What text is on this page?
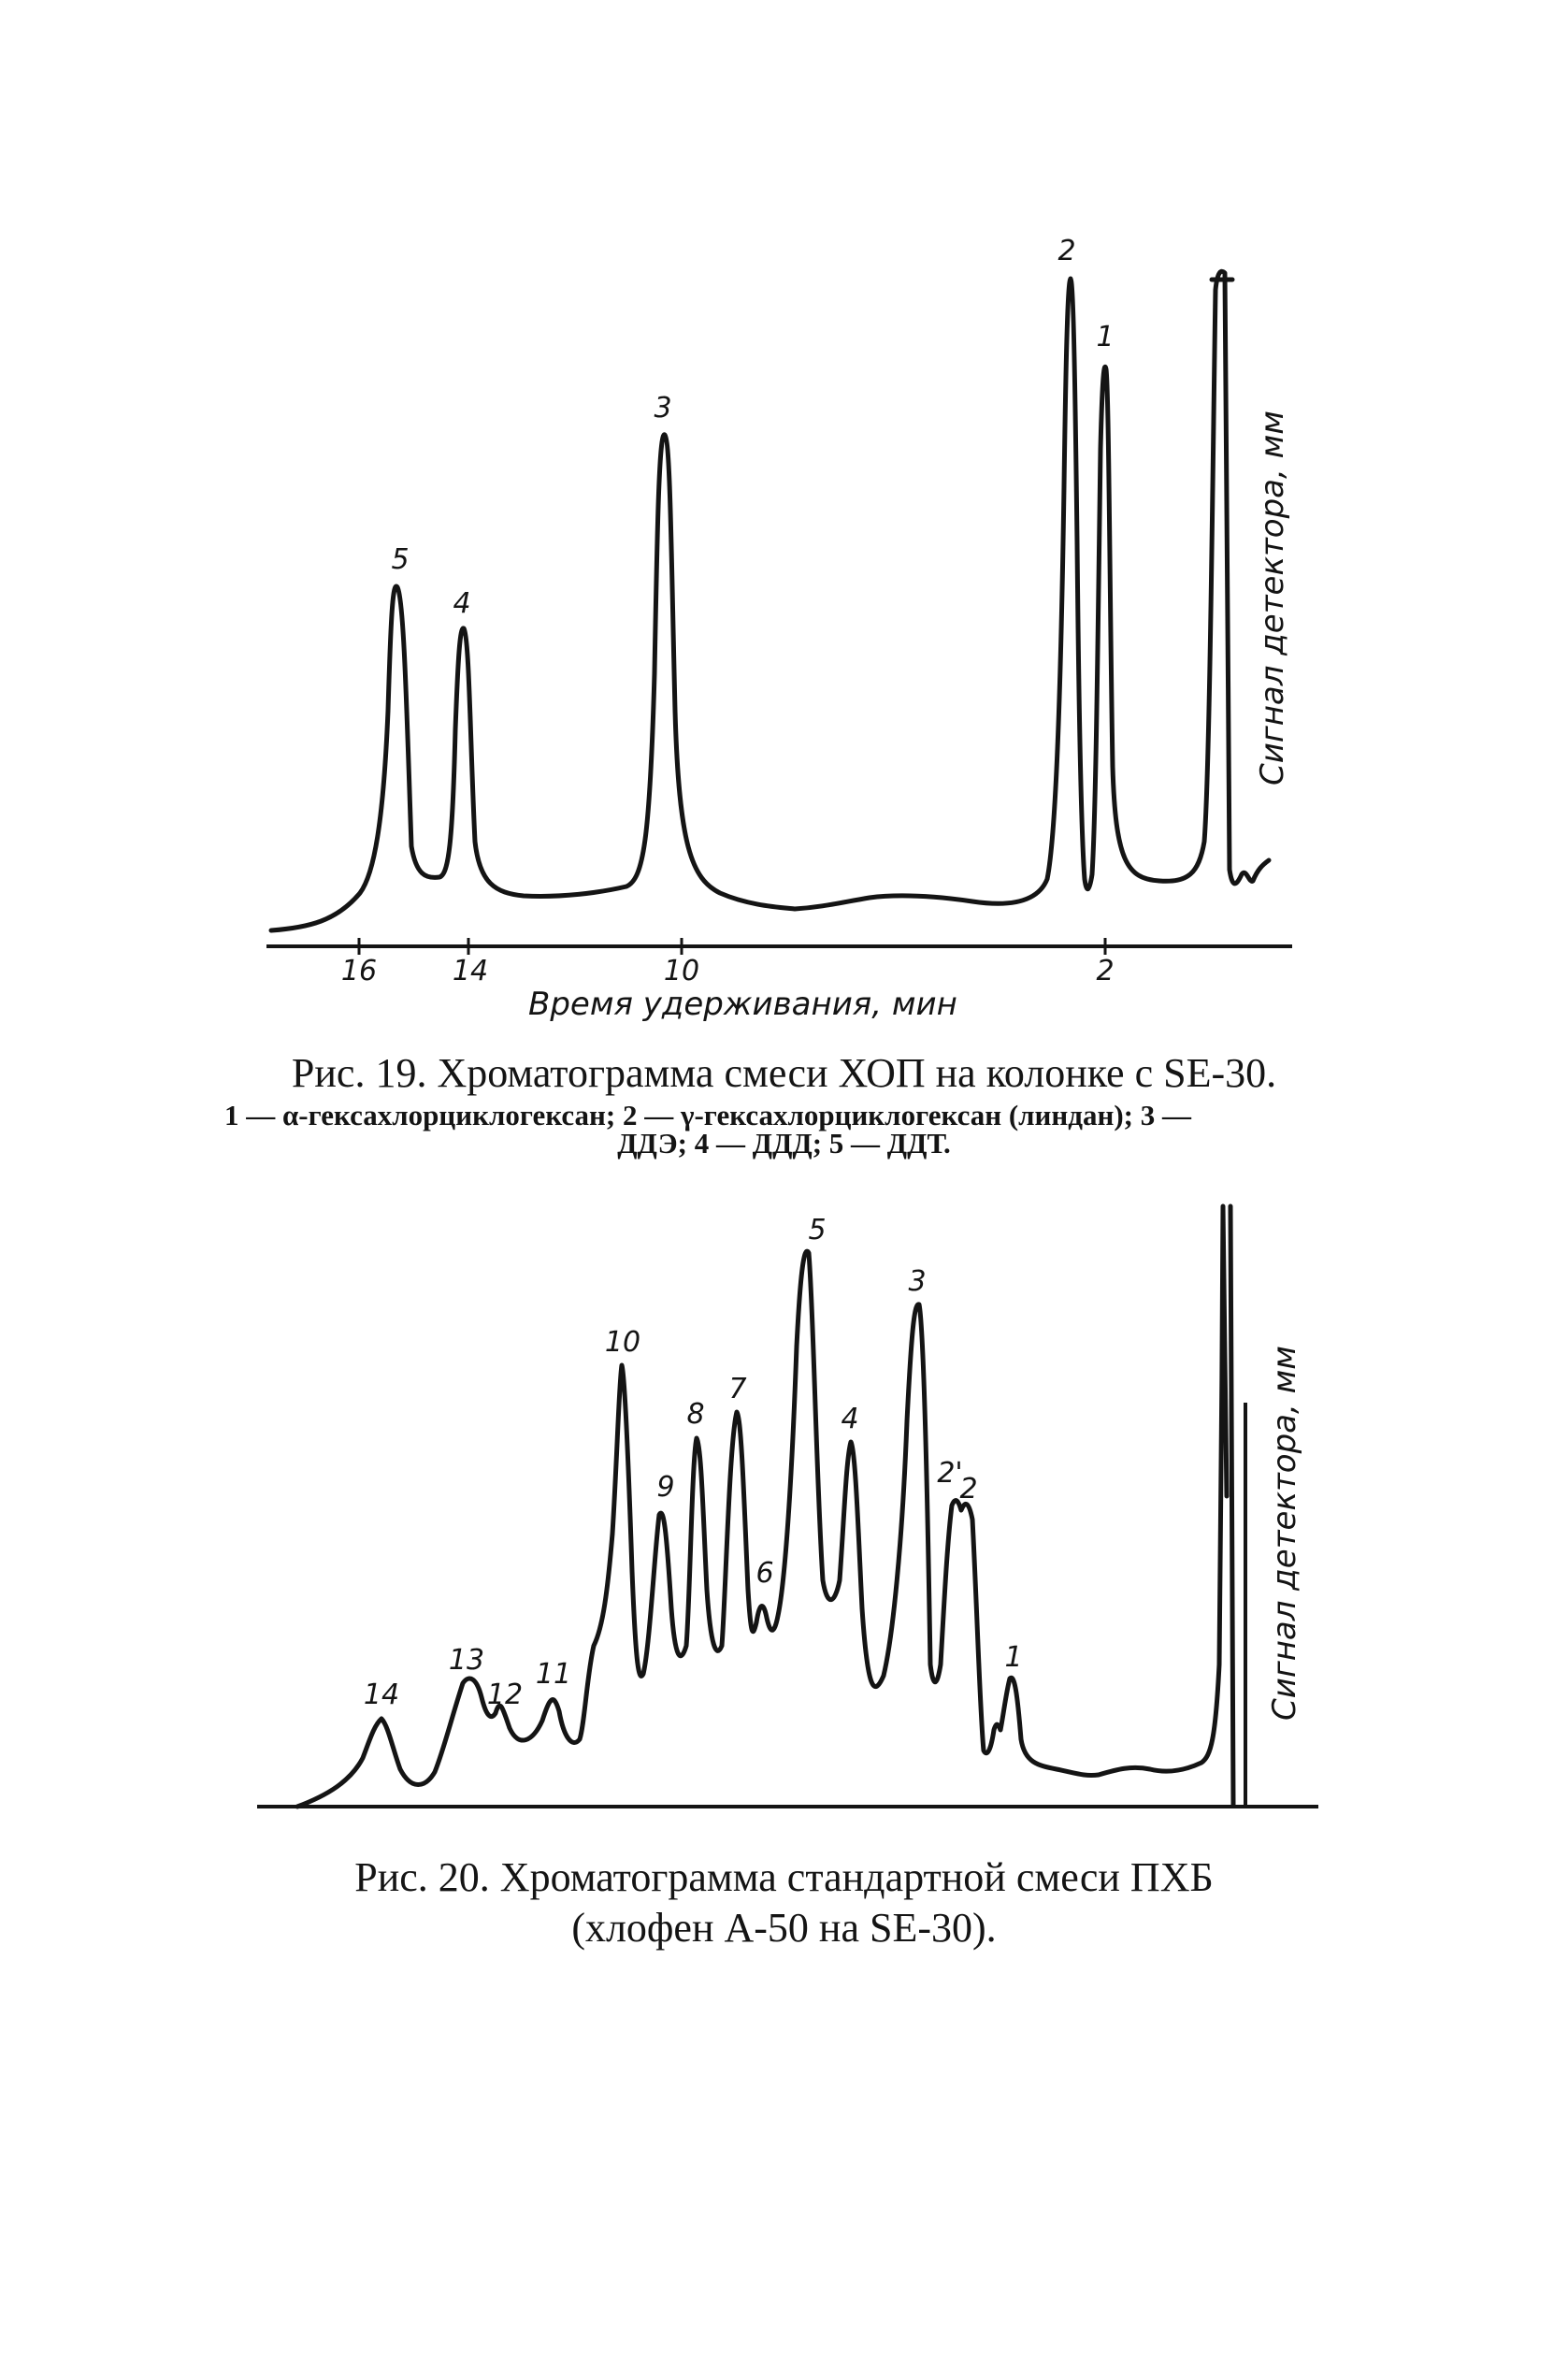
16	14	10	2
Время удерживания, мин
Сигнал детектора, мм
5
4
3
2
1
Сигнал детектора, мм
14
13
12
11
10
9
8
7
6
5
4
3
2'
2
1
Рис. 19. Хроматограмма смеси ХОП на колонке с SE-30.
1 — α-гексахлорциклогексан; 2 — γ-гексахлорциклогексан (линдан); 3 —
ДДЭ; 4 — ДДД; 5 — ДДТ.
Рис. 20. Хроматограмма стандартной смеси ПХБ
(хлофен А-50 на SE-30).
